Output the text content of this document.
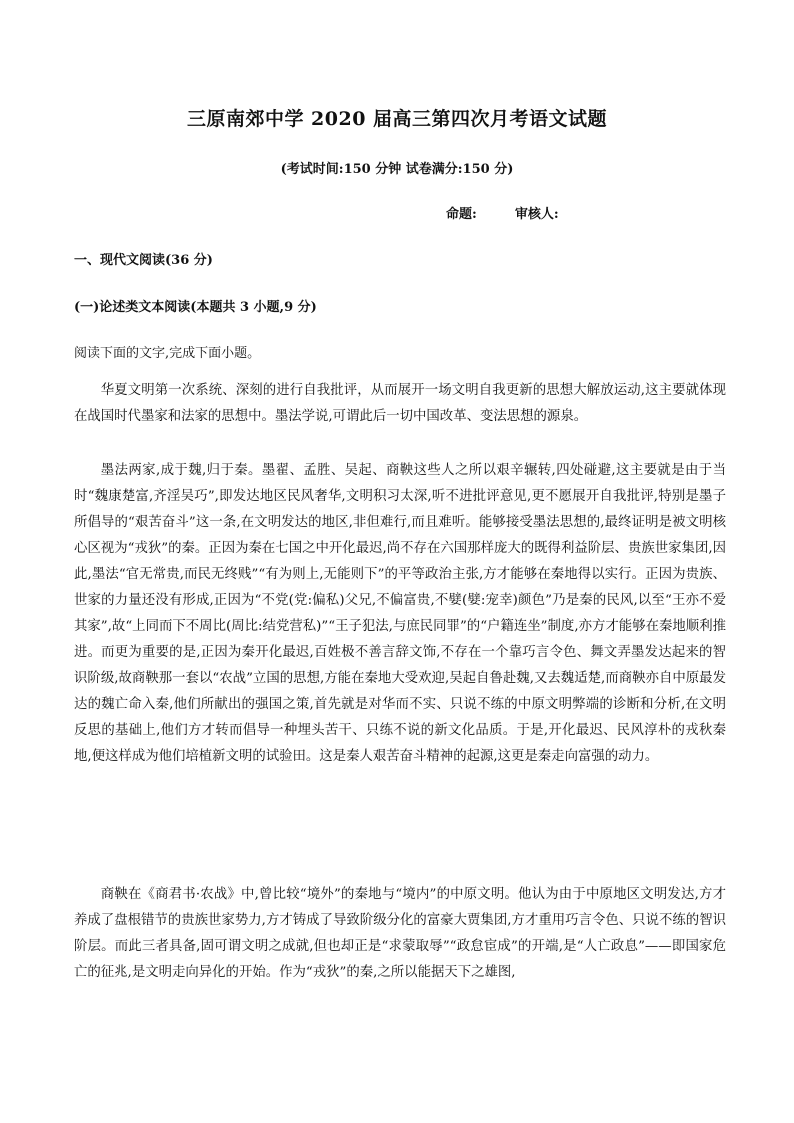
三原南郊中学 2020 届高三第四次月考语文试题
(考试时间:150 分钟 试卷满分:150 分)
命题:	审核人:
一、现代文阅读(36 分)
(一)论述类文本阅读(本题共 3 小题,9 分)
阅读下面的文字,完成下面小题。

华夏文明第一次系统、深刻的进行自我批评，从而展开一场文明自我更新的思想大解放运动,这主要就体现在战国时代墨家和法家的思想中。墨法学说,可谓此后一切中国改革、变法思想的源泉。

墨法两家,成于魏,归于秦。墨翟、孟胜、吴起、商鞅这些人之所以艰辛辗转,四处碰避,这主要就是由于当时“魏康楚富,齐淫吴巧”,即发达地区民风奢华,文明积习太深,听不进批评意见,更不愿展开自我批评,特别是墨子所倡导的“艰苦奋斗”这一条,在文明发达的地区,非但难行,而且难听。能够接受墨法思想的,最终证明是被文明核心区视为“戎狄”的秦。正因为秦在七国之中开化最迟,尚不存在六国那样庞大的既得利益阶层、贵族世家集团,因此,墨法“官无常贵,而民无终贱”“有为则上,无能则下”的平等政治主张,方才能够在秦地得以实行。正因为贵族、世家的力量还没有形成,正因为“不党(党:偏私)父兄,不偏富贵,不嬖(嬖:宠幸)颜色”乃是秦的民风,以至“王亦不爱其家”,故“上同而下不周比(周比:结党营私)”“王子犯法,与庶民同罪”的“户籍连坐”制度,亦方才能够在秦地顺利推进。而更为重要的是,正因为秦开化最迟,百姓极不善言辞文饰,不存在一个靠巧言令色、舞文弄墨发达起来的智识阶级,故商鞅那一套以“农战”立国的思想,方能在秦地大受欢迎,吴起自鲁赴魏,又去魏适楚,而商鞅亦自中原最发达的魏亡命入秦,他们所献出的强国之策,首先就是对华而不实、只说不练的中原文明弊端的诊断和分析,在文明反思的基础上,他们方才转而倡导一种埋头苦干、只练不说的新文化品质。于是,开化最迟、民风淳朴的戎秋秦地,便这样成为他们培植新文明的试验田。这是秦人艰苦奋斗精神的起源,这更是秦走向富强的动力。

商鞅在《商君书·农战》中,曾比较“境外”的秦地与“境内”的中原文明。他认为由于中原地区文明发达,方才养成了盘根错节的贵族世家势力,方才铸成了导致阶级分化的富豪大贾集团,方才重用巧言令色、只说不练的智识阶层。而此三者具备,固可谓文明之成就,但也却正是“求蒙取辱”“政怠宦成”的开端,是“人亡政息”——即国家危亡的征兆,是文明走向异化的开始。作为“戎狄”的秦,之所以能据天下之雄图,
